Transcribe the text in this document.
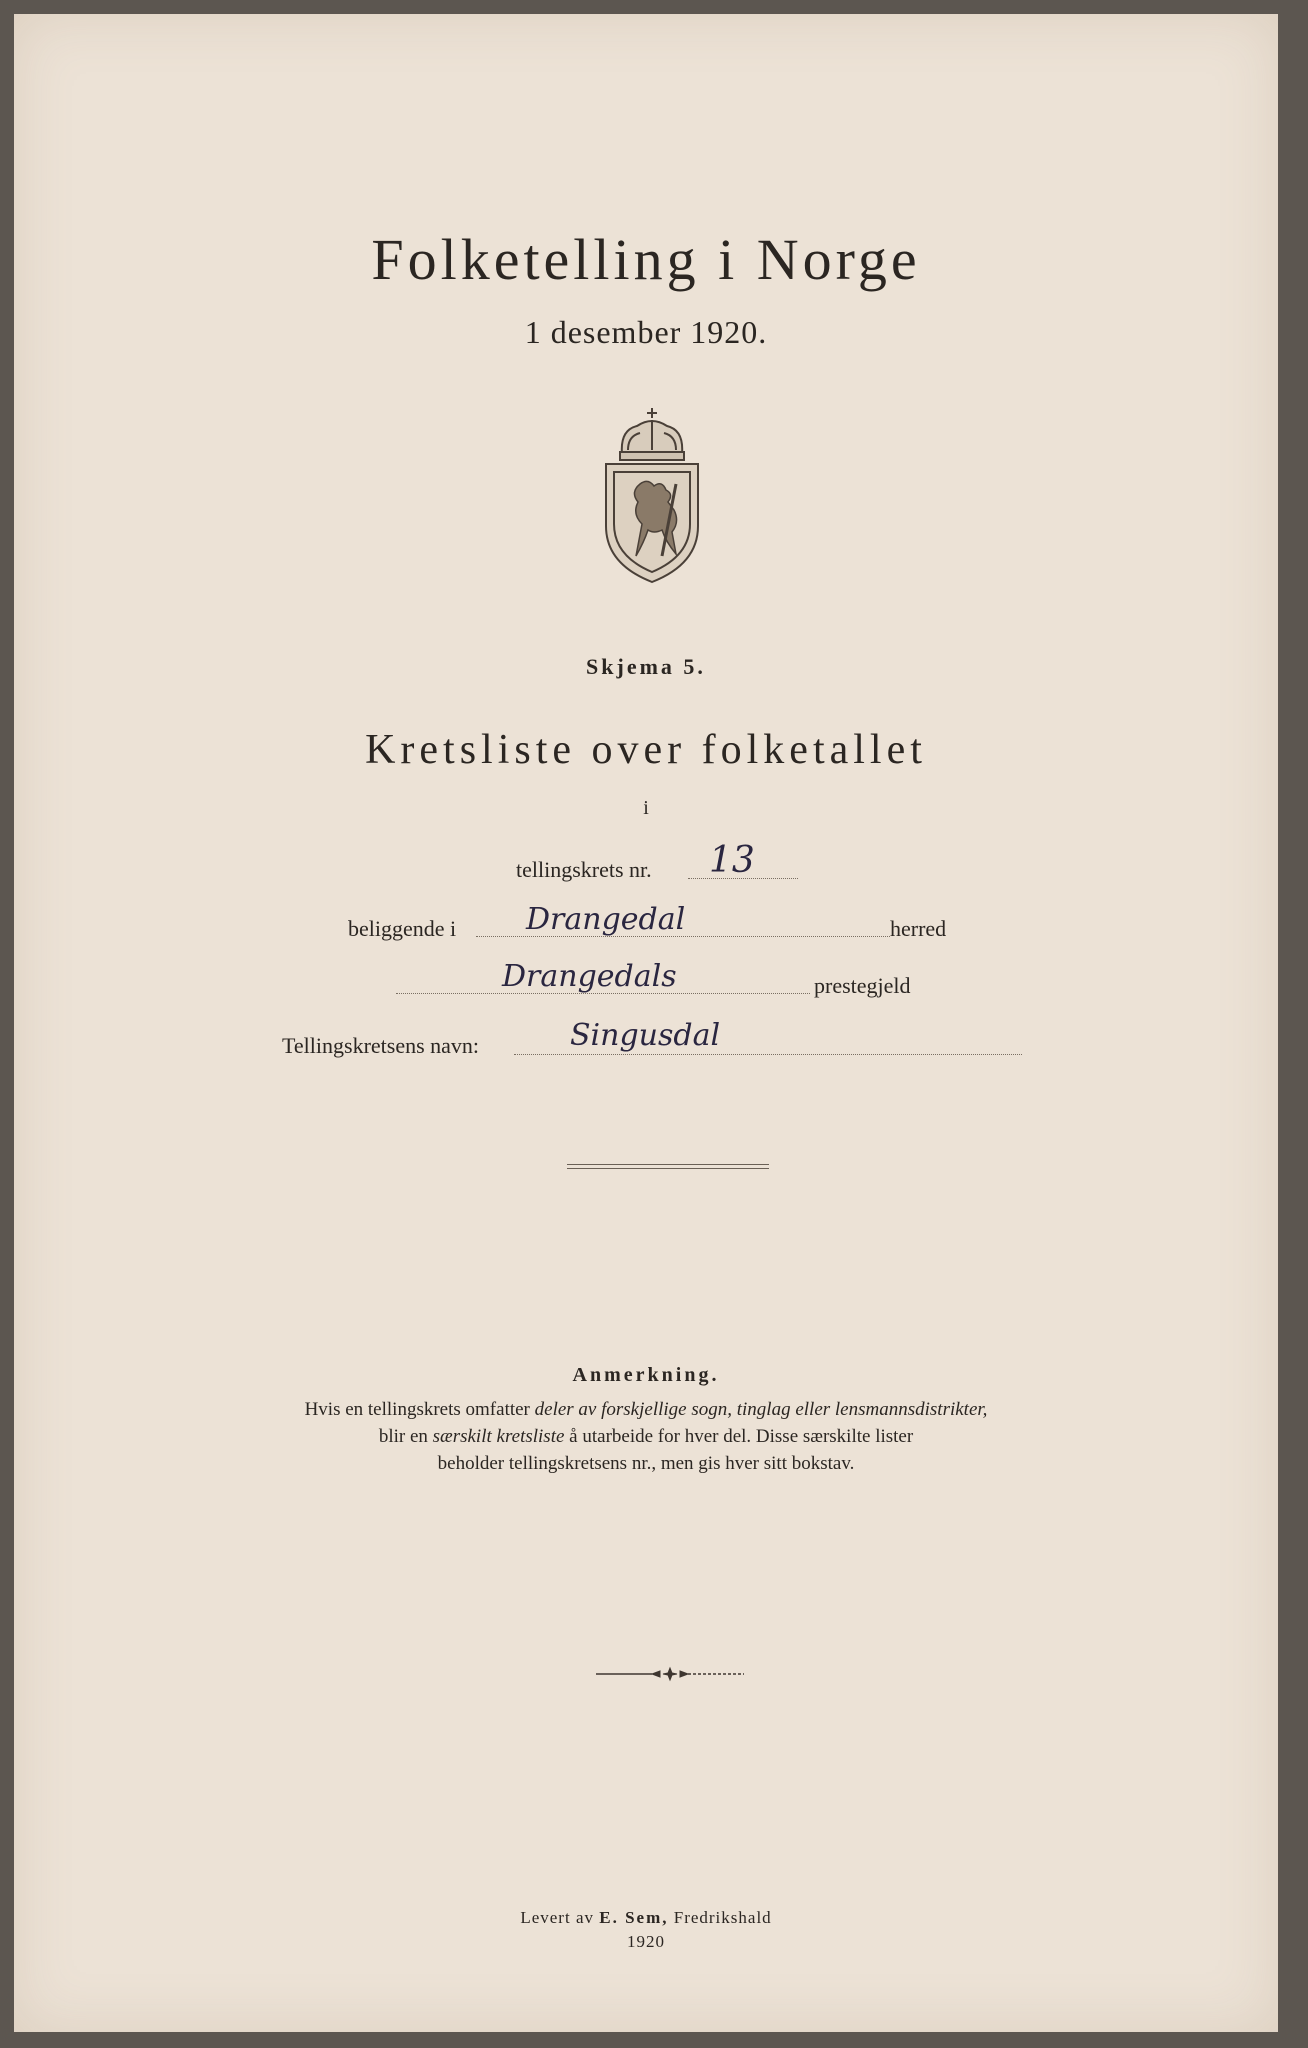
Folketelling i Norge
1 desember 1920.
Skjema 5.
Kretsliste over folketallet
i
tellingskrets nr. 13
beliggende i Drangedal	herred
Drangedals	prestegjeld
Tellingskretsens navn:	Singusdal
Anmerkning.
Hvis en tellingskrets omfatter deler av forskjellige sogn, tinglag eller lensmannsdistrikter,
blir en særskilt kretsliste å utarbeide for hver del. Disse særskilte lister
beholder tellingskretsens nr., men gis hver sitt bokstav.
Levert av E. Sem, Fredrikshald
1920
